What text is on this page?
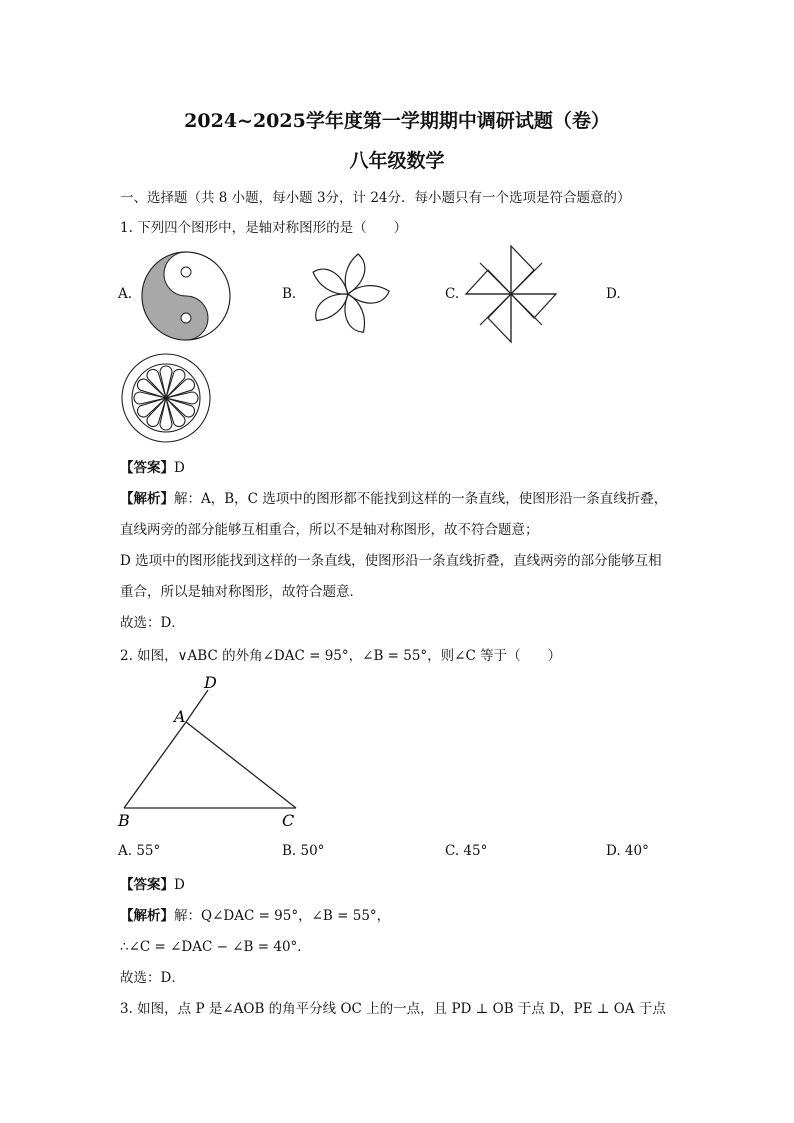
2024~2025学年度第一学期期中调研试题（卷）
八年级数学
一、选择题（共 8 小题，每小题 3分，计 24分．每小题只有一个选项是符合题意的）
1. 下列四个图形中，是轴对称图形的是（　　）
A.	B.	C.	D.
【答案】D
【解析】解：A，B，C 选项中的图形都不能找到这样的一条直线，使图形沿一条直线折叠，
直线两旁的部分能够互相重合，所以不是轴对称图形，故不符合题意；
D 选项中的图形能找到这样的一条直线，使图形沿一条直线折叠，直线两旁的部分能够互相
重合，所以是轴对称图形，故符合题意．
故选：D．
2. 如图，∨ABC 的外角∠DAC = 95°，∠B = 55°，则∠C 等于（　　）
D
A
B	C
A. 55°	B. 50°	C. 45°	D. 40°
【答案】D
【解析】解：Q∠DAC = 95°，∠B = 55°，
∴∠C = ∠DAC − ∠B = 40°．
故选：D．
3. 如图，点 P 是∠AOB 的角平分线 OC 上的一点，且 PD ⊥ OB 于点 D，PE ⊥ OA 于点
